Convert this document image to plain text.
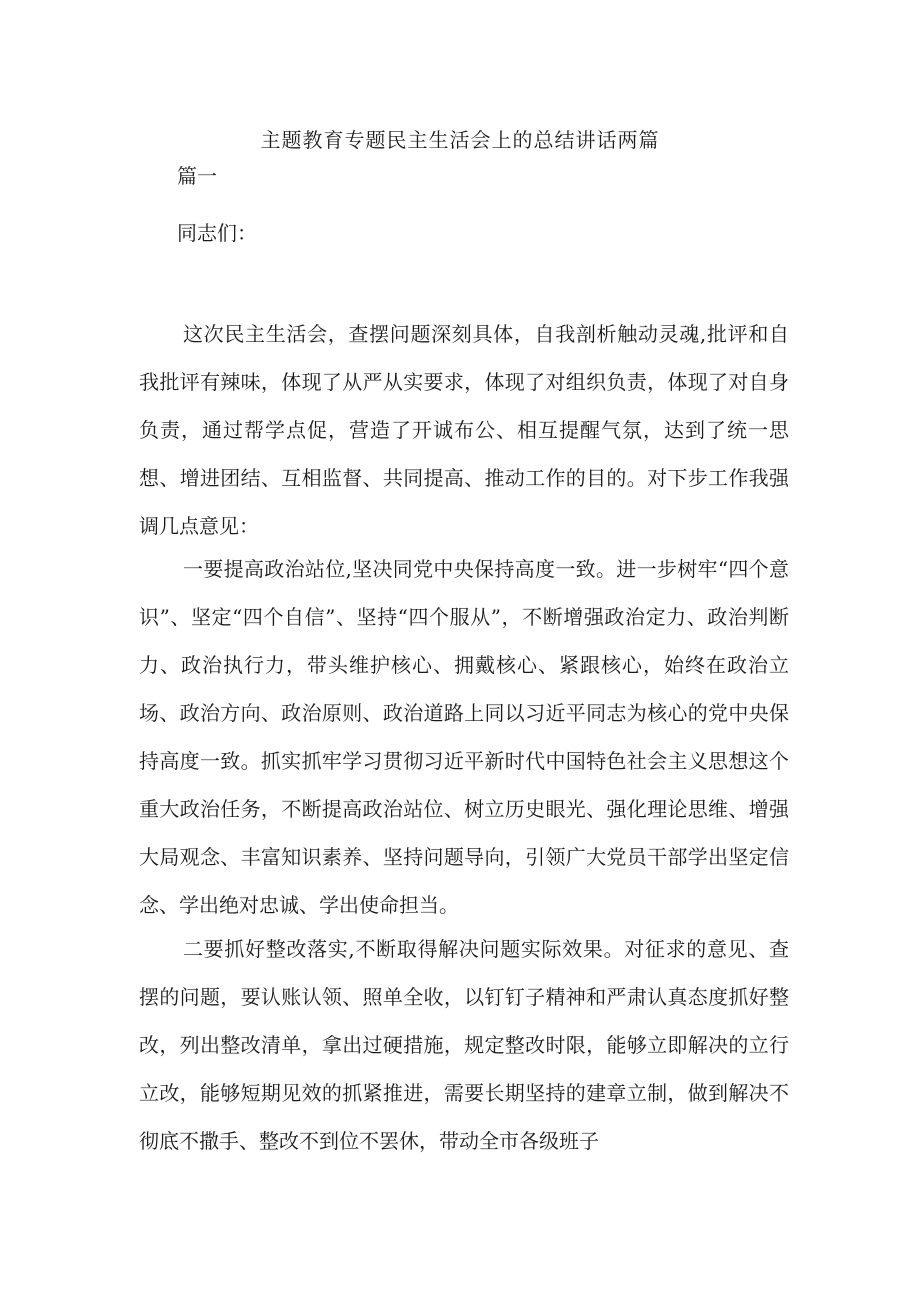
主题教育专题民主生活会上的总结讲话两篇
篇一
同志们：

这次民主生活会，查摆问题深刻具体，自我剖析触动灵魂,批评和自我批评有辣味，体现了从严从实要求，体现了对组织负责，体现了对自身负责，通过帮学点促，营造了开诚布公、相互提醒气氛，达到了统一思想、增进团结、互相监督、共同提高、推动工作的目的。对下步工作我强调几点意见：

一要提高政治站位,坚决同党中央保持高度一致。进一步树牢“四个意识”、坚定“四个自信”、坚持“四个服从”，不断增强政治定力、政治判断力、政治执行力，带头维护核心、拥戴核心、紧跟核心，始终在政治立场、政治方向、政治原则、政治道路上同以习近平同志为核心的党中央保持高度一致。抓实抓牢学习贯彻习近平新时代中国特色社会主义思想这个重大政治任务，不断提高政治站位、树立历史眼光、强化理论思维、增强大局观念、丰富知识素养、坚持问题导向，引领广大党员干部学出坚定信念、学出绝对忠诚、学出使命担当。

二要抓好整改落实,不断取得解决问题实际效果。对征求的意见、查摆的问题，要认账认领、照单全收，以钉钉子精神和严肃认真态度抓好整改，列出整改清单，拿出过硬措施，规定整改时限，能够立即解决的立行立改，能够短期见效的抓紧推进，需要长期坚持的建章立制，做到解决不彻底不撒手、整改不到位不罢休，带动全市各级班子
